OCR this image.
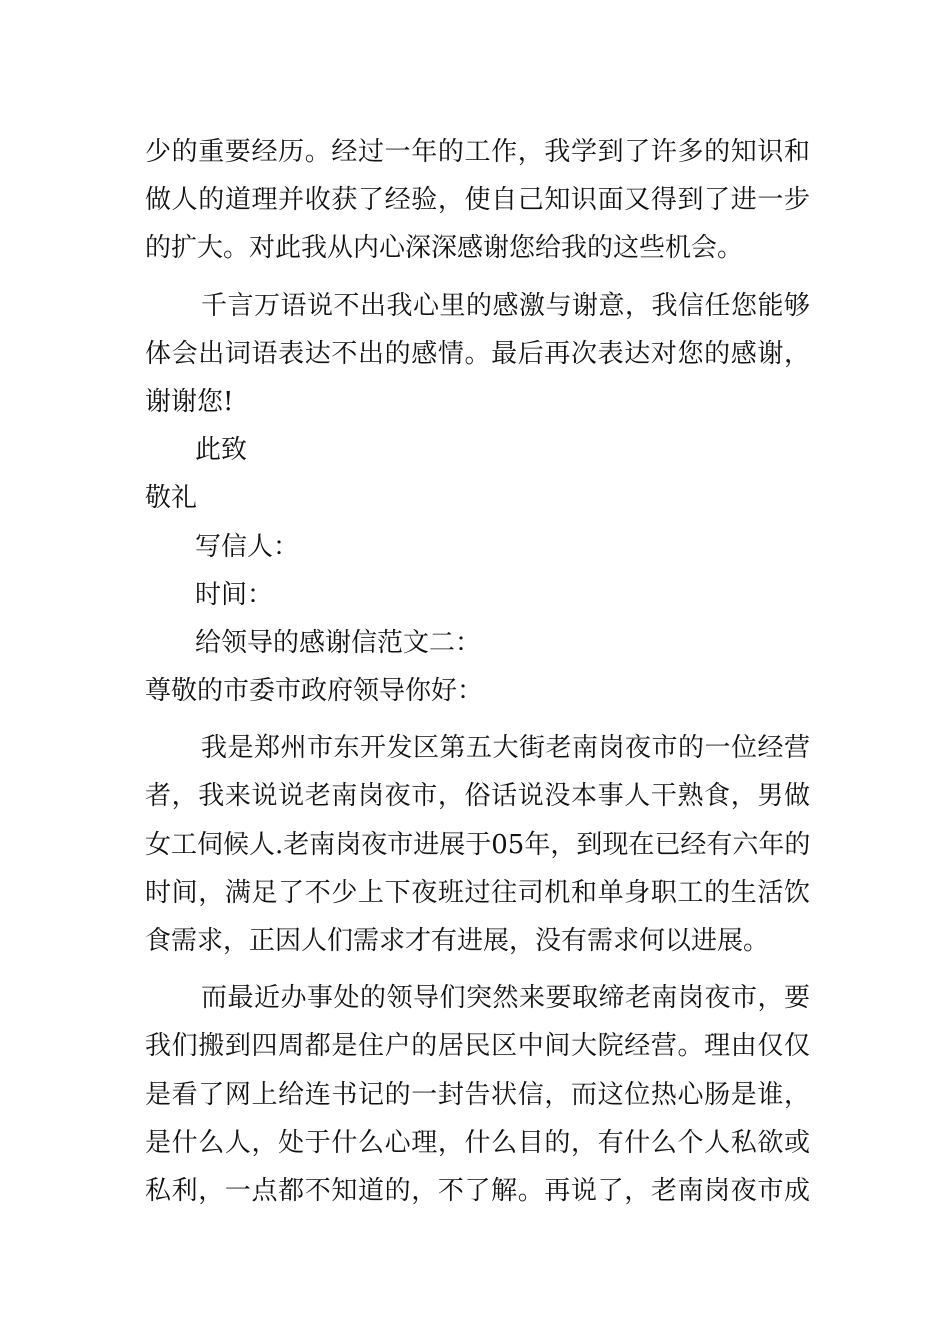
少的重要经历。经过一年的工作，我学到了许多的知识和
做人的道理并收获了经验，使自己知识面又得到了进一步
的扩大。对此我从内心深深感谢您给我的这些机会。
千言万语说不出我心里的感激与谢意，我信任您能够
体会出词语表达不出的感情。最后再次表达对您的感谢，
谢谢您!
此致
敬礼
写信人：
时间：
给领导的感谢信范文二：
尊敬的市委市政府领导你好：
我是郑州市东开发区第五大街老南岗夜市的一位经营
者，我来说说老南岗夜市，俗话说没本事人干熟食，男做
女工伺候人.老南岗夜市进展于05年，到现在已经有六年的
时间，满足了不少上下夜班过往司机和单身职工的生活饮
食需求，正因人们需求才有进展，没有需求何以进展。
而最近办事处的领导们突然来要取缔老南岗夜市，要
我们搬到四周都是住户的居民区中间大院经营。理由仅仅
是看了网上给连书记的一封告状信，而这位热心肠是谁，
是什么人，处于什么心理，什么目的，有什么个人私欲或
私利，一点都不知道的，不了解。再说了，老南岗夜市成
